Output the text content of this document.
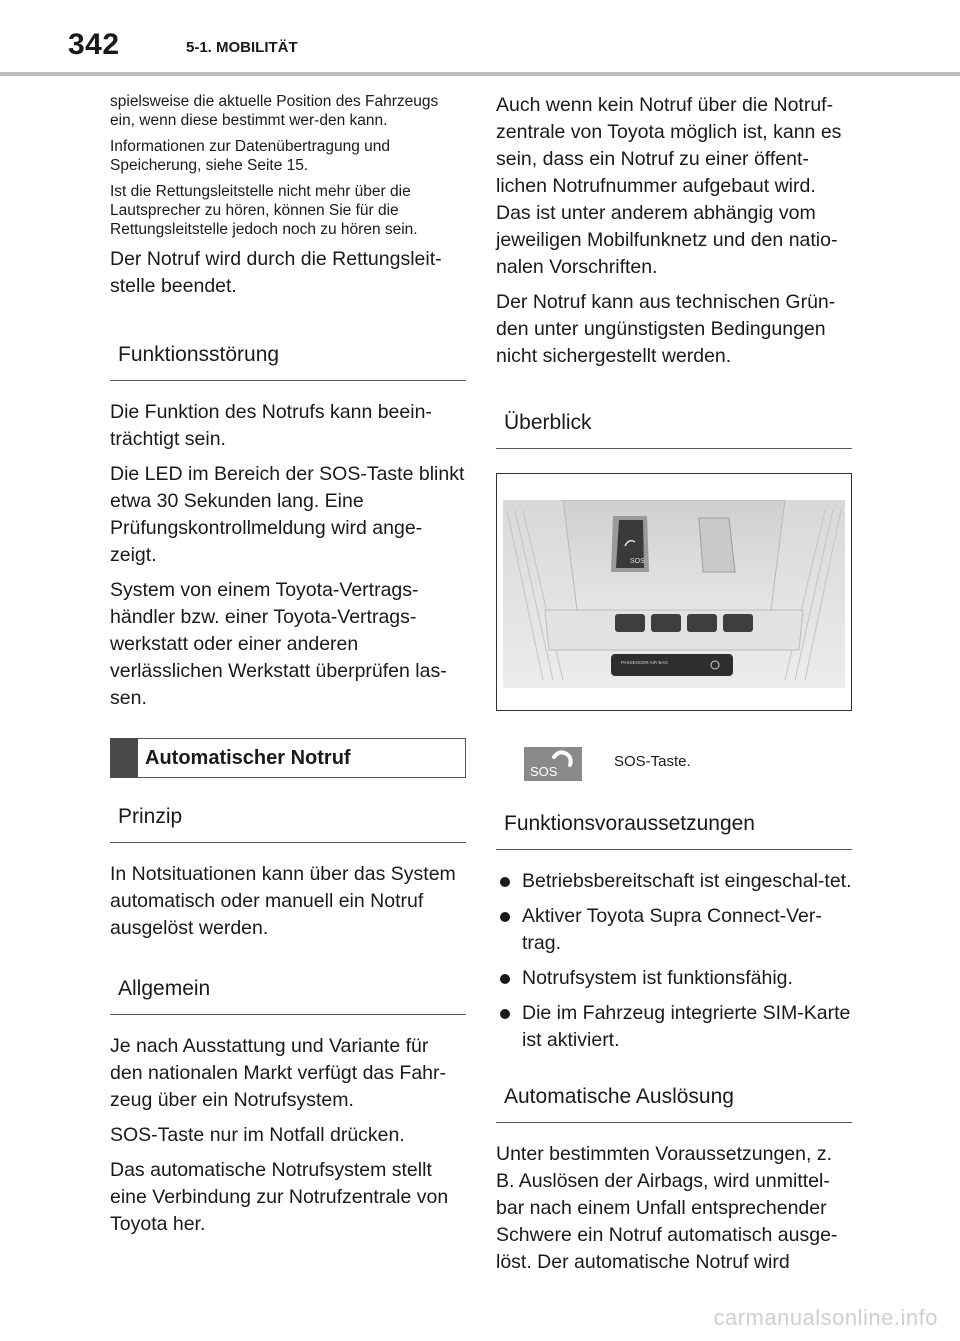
342	5-1. MOBILITÄT

spielsweise die aktuelle Position des Fahrzeugs ein, wenn diese bestimmt wer-den kann.

Informationen zur Datenübertragung und Speicherung, siehe Seite 15.

Ist die Rettungsleitstelle nicht mehr über die Lautsprecher zu hören, können Sie für die Rettungsleitstelle jedoch noch zu hören sein.

Der Notruf wird durch die Rettungsleit-stelle beendet.

Funktionsstörung

Die Funktion des Notrufs kann beein-trächtigt sein.

Die LED im Bereich der SOS-Taste blinkt etwa 30 Sekunden lang. Eine Prüfungskontrollmeldung wird ange-zeigt.

System von einem Toyota-Vertrags-händler bzw. einer Toyota-Vertrags-werkstatt oder einer anderen verlässlichen Werkstatt überprüfen las-sen.

Automatischer Notruf
Prinzip

In Notsituationen kann über das System automatisch oder manuell ein Notruf ausgelöst werden.

Allgemein

Je nach Ausstattung und Variante für den nationalen Markt verfügt das Fahr-zeug über ein Notrufsystem.

SOS-Taste nur im Notfall drücken.

Das automatische Notrufsystem stellt eine Verbindung zur Notrufzentrale von Toyota her.

Auch wenn kein Notruf über die Notruf-zentrale von Toyota möglich ist, kann es sein, dass ein Notruf zu einer öffent-lichen Notrufnummer aufgebaut wird. Das ist unter anderem abhängig vom jeweiligen Mobilfunknetz und den natio-nalen Vorschriften.

Der Notruf kann aus technischen Grün-den unter ungünstigsten Bedingungen nicht sichergestellt werden.

Überblick
SOS
PASSENGER AIR BAG
SOS
SOS-Taste.
Funktionsvoraussetzungen
Betriebsbereitschaft ist eingeschal-tet.
Aktiver Toyota Supra Connect-Ver-trag.
Notrufsystem ist funktionsfähig.
Die im Fahrzeug integrierte SIM-Karte ist aktiviert.
Automatische Auslösung

Unter bestimmten Voraussetzungen, z. B. Auslösen der Airbags, wird unmittel-bar nach einem Unfall entsprechender Schwere ein Notruf automatisch ausge-löst. Der automatische Notruf wird

carmanualsonline.info
